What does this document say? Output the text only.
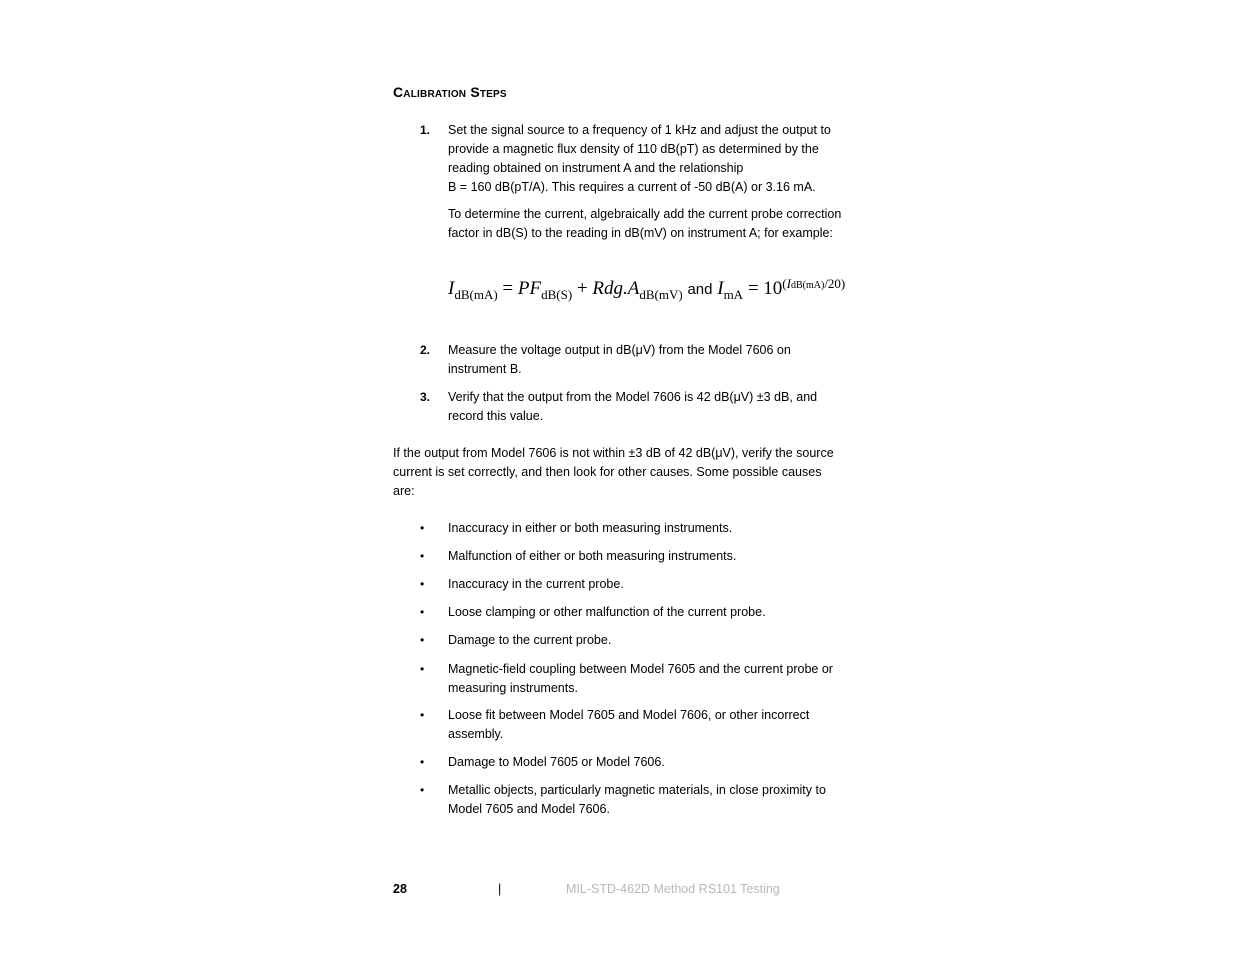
Calibration Steps
1. Set the signal source to a frequency of 1 kHz and adjust the output to provide a magnetic flux density of 110 dB(pT) as determined by the reading obtained on instrument A and the relationship
B = 160 dB(pT/A). This requires a current of -50 dB(A) or 3.16 mA.
To determine the current, algebraically add the current probe correction factor in dB(S) to the reading in dB(mV) on instrument A; for example:
$I_{dB(mA)} = PF_{dB(S)} + Rdg.A_{dB(mV)}$ and $I_{mA} = 10^{(IdB(mA)/20)}$
2. Measure the voltage output in dB(μV) from the Model 7606 on instrument B.
3. Verify that the output from the Model 7606 is 42 dB(μV) ±3 dB, and record this value.
If the output from Model 7606 is not within ±3 dB of 42 dB(μV), verify the source current is set correctly, and then look for other causes. Some possible causes are:
• Inaccuracy in either or both measuring instruments.
• Malfunction of either or both measuring instruments.
• Inaccuracy in the current probe.
• Loose clamping or other malfunction of the current probe.
• Damage to the current probe.
• Magnetic-field coupling between Model 7605 and the current probe or measuring instruments.
• Loose fit between Model 7605 and Model 7606, or other incorrect assembly.
• Damage to Model 7605 or Model 7606.
• Metallic objects, particularly magnetic materials, in close proximity to Model 7605 and Model 7606.
28	|	MIL-STD-462D Method RS101 Testing
